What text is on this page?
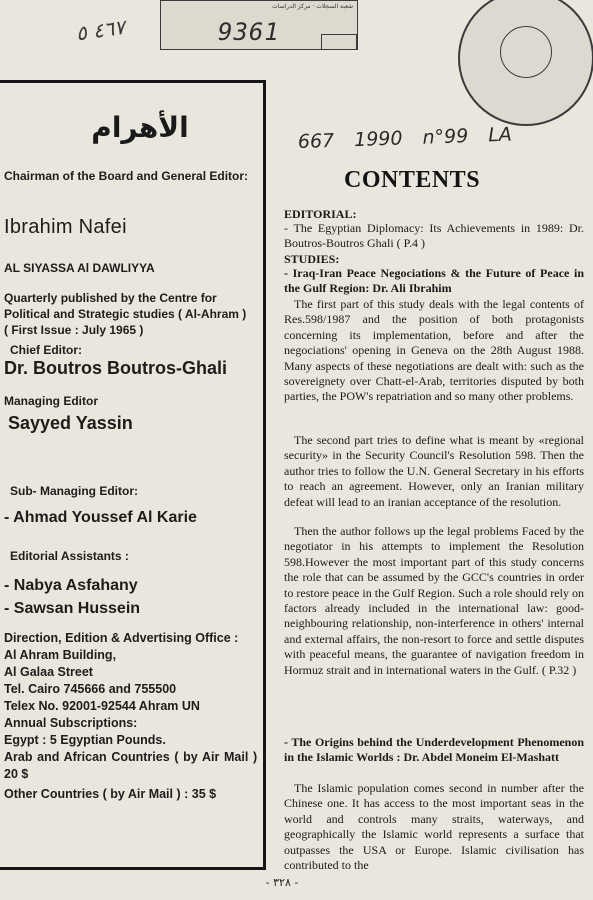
شعبة السجلات · مركز الدراسات
9361
٤٦٧ ٥
667 1990 n°99 LA
الأهرام
Chairman of the Board and General Editor:
Ibrahim Nafei
AL SIYASSA Al DAWLIYYA
Quarterly published by the Centre for Political and Strategic studies ( Al-Ahram )
( First Issue : July 1965 )
Chief Editor:
Dr. Boutros Boutros-Ghali
Managing Editor
Sayyed Yassin
Sub- Managing Editor:
- Ahmad Youssef Al Karie
Editorial Assistants :
- Nabya Asfahany
- Sawsan Hussein
Direction, Edition & Advertising Office :
Al Ahram Building,
Al Galaa Street
Tel. Cairo 745666 and 755500
Telex No. 92001-92544 Ahram UN
Annual Subscriptions:
Egypt : 5 Egyptian Pounds.
Arab and African Countries ( by Air Mail ) : 20 $
Other Countries ( by Air Mail ) : 35 $
CONTENTS
EDITORIAL:
- The Egyptian Diplomacy: Its Achievements in 1989: Dr. Boutros-Boutros Ghali ( P.4 )
STUDIES:
- Iraq-Iran Peace Negociations & the Future of Peace in the Gulf Region: Dr. Ali Ibrahim
The first part of this study deals with the legal contents of Res.598/1987 and the position of both protagonists concerning its implementation, before and after the negociations' opening in Geneva on the 28th August 1988. Many aspects of these negotiations are dealt with: such as the sovereignety over Chatt-el-Arab, territories disputed by both parties, the POW's repatriation and so many other problems.
The second part tries to define what is meant by «regional security» in the Security Council's Resolution 598. Then the author tries to follow the U.N. General Secretary in his efforts to reach an agreement. However, only an Iranian military defeat will lead to an iranian acceptance of the resolution.
Then the author follows up the legal problems Faced by the negotiator in his attempts to implement the Resolution 598.However the most important part of this study concerns the role that can be assumed by the GCC's countries in order to restore peace in the Gulf Region. Such a role should rely on factors already included in the international law: good-neighbouring relationship, non-interference in others' internal and external affairs, the non-resort to force and settle disputes with peaceful means, the guarantee of navigation freedom in Hormuz strait and in international waters in the Gulf. ( P.32 )
- The Origins behind the Underdevelopment Phenomenon in the Islamic Worlds : Dr. Abdel Moneim El-Mashatt
The Islamic population comes second in number after the Chinese one. It has access to the most important seas in the world and controls many straits, waterways, and geographically the Islamic world represents a surface that outpasses the USA or Europe. Islamic civilisation has contributed to the
- ٣٢٨ -
